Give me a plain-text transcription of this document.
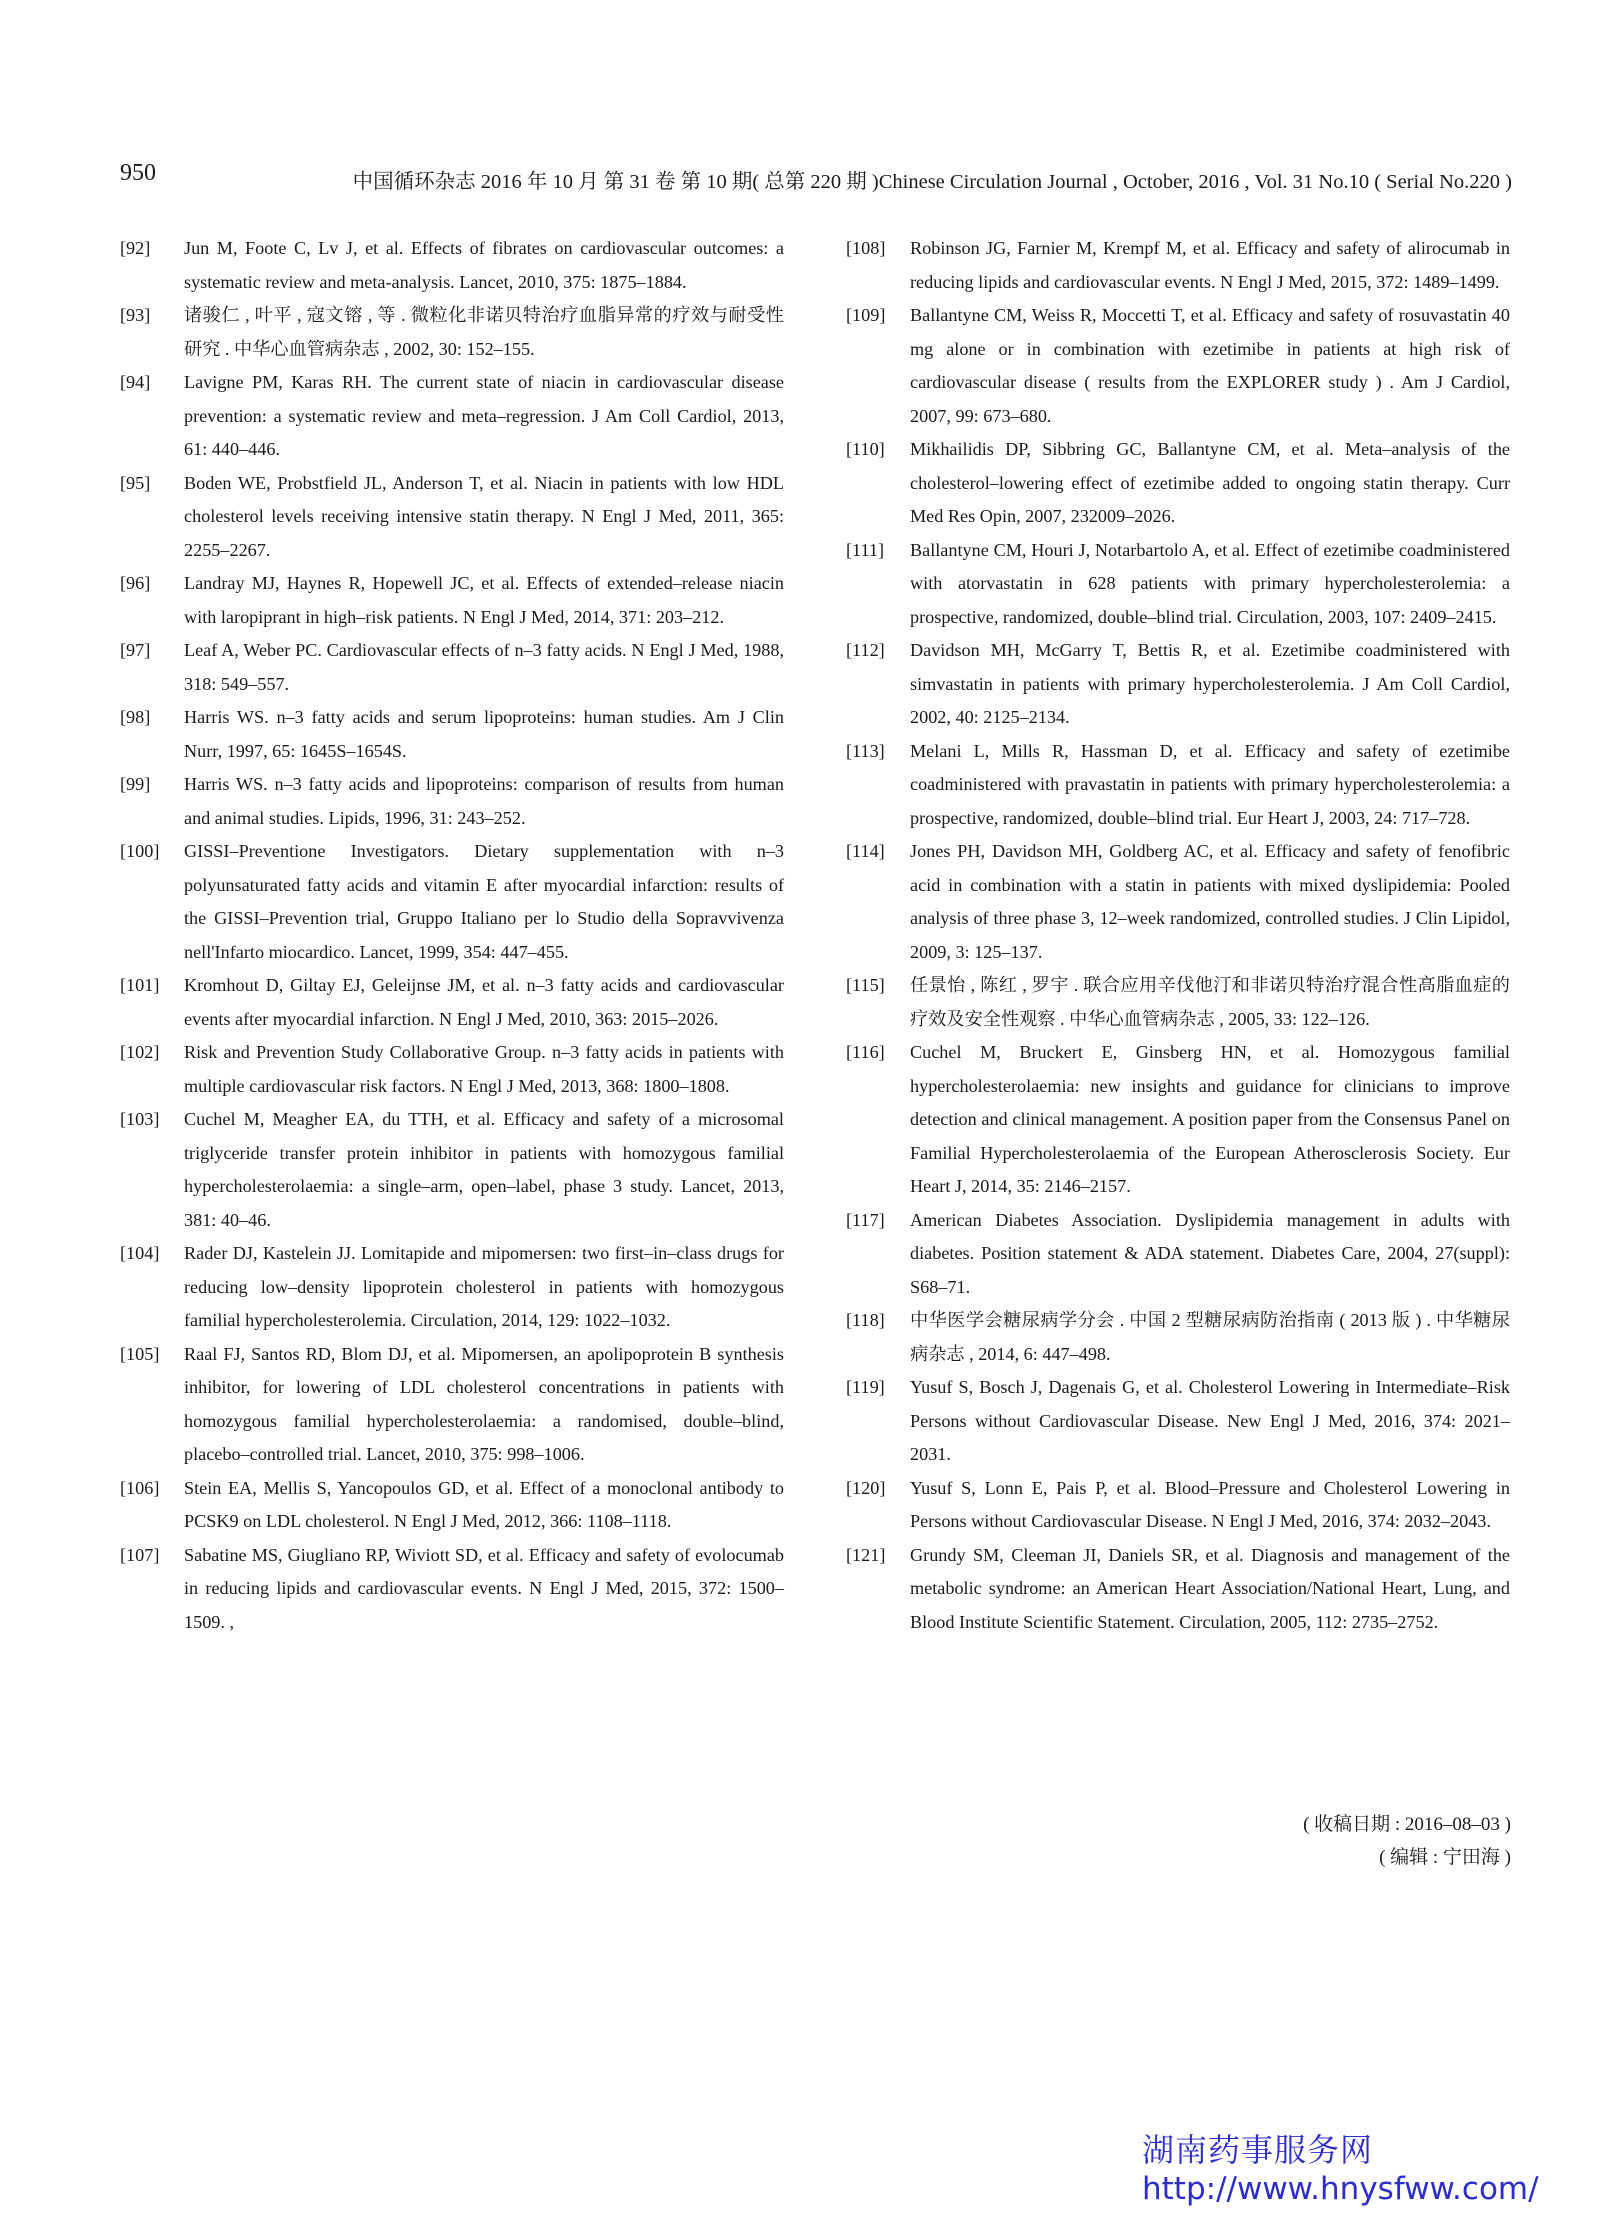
950	中国循环杂志 2016 年 10 月 第 31 卷 第 10 期( 总第 220 期 )Chinese Circulation Journal , October, 2016 , Vol. 31 No.10 ( Serial No.220 )
[92] Jun M, Foote C, Lv J, et al. Effects of fibrates on cardiovascular outcomes: a systematic review and meta-analysis. Lancet, 2010, 375: 1875–1884.
[93] 诸骏仁 , 叶平 , 寇文镕 , 等 . 微粒化非诺贝特治疗血脂异常的疗效与耐受性研究 . 中华心血管病杂志 , 2002, 30: 152–155.
[94] Lavigne PM, Karas RH. The current state of niacin in cardiovascular disease prevention: a systematic review and meta–regression. J Am Coll Cardiol, 2013, 61: 440–446.
[95] Boden WE, Probstfield JL, Anderson T, et al. Niacin in patients with low HDL cholesterol levels receiving intensive statin therapy. N Engl J Med, 2011, 365: 2255–2267.
[96] Landray MJ, Haynes R, Hopewell JC, et al. Effects of extended–release niacin with laropiprant in high–risk patients. N Engl J Med, 2014, 371: 203–212.
[97] Leaf A, Weber PC. Cardiovascular effects of n–3 fatty acids. N Engl J Med, 1988, 318: 549–557.
[98] Harris WS. n–3 fatty acids and serum lipoproteins: human studies. Am J Clin Nurr, 1997, 65: 1645S–1654S.
[99] Harris WS. n–3 fatty acids and lipoproteins: comparison of results from human and animal studies. Lipids, 1996, 31: 243–252.
[100] GISSI–Preventione Investigators. Dietary supplementation with n–3 polyunsaturated fatty acids and vitamin E after myocardial infarction: results of the GISSI–Prevention trial, Gruppo Italiano per lo Studio della Sopravvivenza nell'Infarto miocardico. Lancet, 1999, 354: 447–455.
[101] Kromhout D, Giltay EJ, Geleijnse JM, et al. n–3 fatty acids and cardiovascular events after myocardial infarction. N Engl J Med, 2010, 363: 2015–2026.
[102] Risk and Prevention Study Collaborative Group. n–3 fatty acids in patients with multiple cardiovascular risk factors. N Engl J Med, 2013, 368: 1800–1808.
[103] Cuchel M, Meagher EA, du TTH, et al. Efficacy and safety of a microsomal triglyceride transfer protein inhibitor in patients with homozygous familial hypercholesterolaemia: a single–arm, open–label, phase 3 study. Lancet, 2013, 381: 40–46.
[104] Rader DJ, Kastelein JJ. Lomitapide and mipomersen: two first–in–class drugs for reducing low–density lipoprotein cholesterol in patients with homozygous familial hypercholesterolemia. Circulation, 2014, 129: 1022–1032.
[105] Raal FJ, Santos RD, Blom DJ, et al. Mipomersen, an apolipoprotein B synthesis inhibitor, for lowering of LDL cholesterol concentrations in patients with homozygous familial hypercholesterolaemia: a randomised, double–blind, placebo–controlled trial. Lancet, 2010, 375: 998–1006.
[106] Stein EA, Mellis S, Yancopoulos GD, et al. Effect of a monoclonal antibody to PCSK9 on LDL cholesterol. N Engl J Med, 2012, 366: 1108–1118.
[107] Sabatine MS, Giugliano RP, Wiviott SD, et al. Efficacy and safety of evolocumab in reducing lipids and cardiovascular events. N Engl J Med, 2015, 372: 1500–1509. ,
[108] Robinson JG, Farnier M, Krempf M, et al. Efficacy and safety of alirocumab in reducing lipids and cardiovascular events. N Engl J Med, 2015, 372: 1489–1499.
[109] Ballantyne CM, Weiss R, Moccetti T, et al. Efficacy and safety of rosuvastatin 40 mg alone or in combination with ezetimibe in patients at high risk of cardiovascular disease ( results from the EXPLORER study ) . Am J Cardiol, 2007, 99: 673–680.
[110] Mikhailidis DP, Sibbring GC, Ballantyne CM, et al. Meta–analysis of the cholesterol–lowering effect of ezetimibe added to ongoing statin therapy. Curr Med Res Opin, 2007, 232009–2026.
[111] Ballantyne CM, Houri J, Notarbartolo A, et al. Effect of ezetimibe coadministered with atorvastatin in 628 patients with primary hypercholesterolemia: a prospective, randomized, double–blind trial. Circulation, 2003, 107: 2409–2415.
[112] Davidson MH, McGarry T, Bettis R, et al. Ezetimibe coadministered with simvastatin in patients with primary hypercholesterolemia. J Am Coll Cardiol, 2002, 40: 2125–2134.
[113] Melani L, Mills R, Hassman D, et al. Efficacy and safety of ezetimibe coadministered with pravastatin in patients with primary hypercholesterolemia: a prospective, randomized, double–blind trial. Eur Heart J, 2003, 24: 717–728.
[114] Jones PH, Davidson MH, Goldberg AC, et al. Efficacy and safety of fenofibric acid in combination with a statin in patients with mixed dyslipidemia: Pooled analysis of three phase 3, 12–week randomized, controlled studies. J Clin Lipidol, 2009, 3: 125–137.
[115] 任景怡 , 陈红 , 罗宇 . 联合应用辛伐他汀和非诺贝特治疗混合性高脂血症的疗效及安全性观察 . 中华心血管病杂志 , 2005, 33: 122–126.
[116] Cuchel M, Bruckert E, Ginsberg HN, et al. Homozygous familial hypercholesterolaemia: new insights and guidance for clinicians to improve detection and clinical management. A position paper from the Consensus Panel on Familial Hypercholesterolaemia of the European Atherosclerosis Society. Eur Heart J, 2014, 35: 2146–2157.
[117] American Diabetes Association. Dyslipidemia management in adults with diabetes. Position statement & ADA statement. Diabetes Care, 2004, 27(suppl): S68–71.
[118] 中华医学会糖尿病学分会 . 中国 2 型糖尿病防治指南 ( 2013 版 ) . 中华糖尿病杂志 , 2014, 6: 447–498.
[119] Yusuf S, Bosch J, Dagenais G, et al. Cholesterol Lowering in Intermediate–Risk Persons without Cardiovascular Disease. New Engl J Med, 2016, 374: 2021–2031.
[120] Yusuf S, Lonn E, Pais P, et al. Blood–Pressure and Cholesterol Lowering in Persons without Cardiovascular Disease. N Engl J Med, 2016, 374: 2032–2043.
[121] Grundy SM, Cleeman JI, Daniels SR, et al. Diagnosis and management of the metabolic syndrome: an American Heart Association/National Heart, Lung, and Blood Institute Scientific Statement. Circulation, 2005, 112: 2735–2752.
( 收稿日期 : 2016–08–03 )
( 编辑 : 宁田海 )
湖南药事服务网
http://www.hnysfww.com/
